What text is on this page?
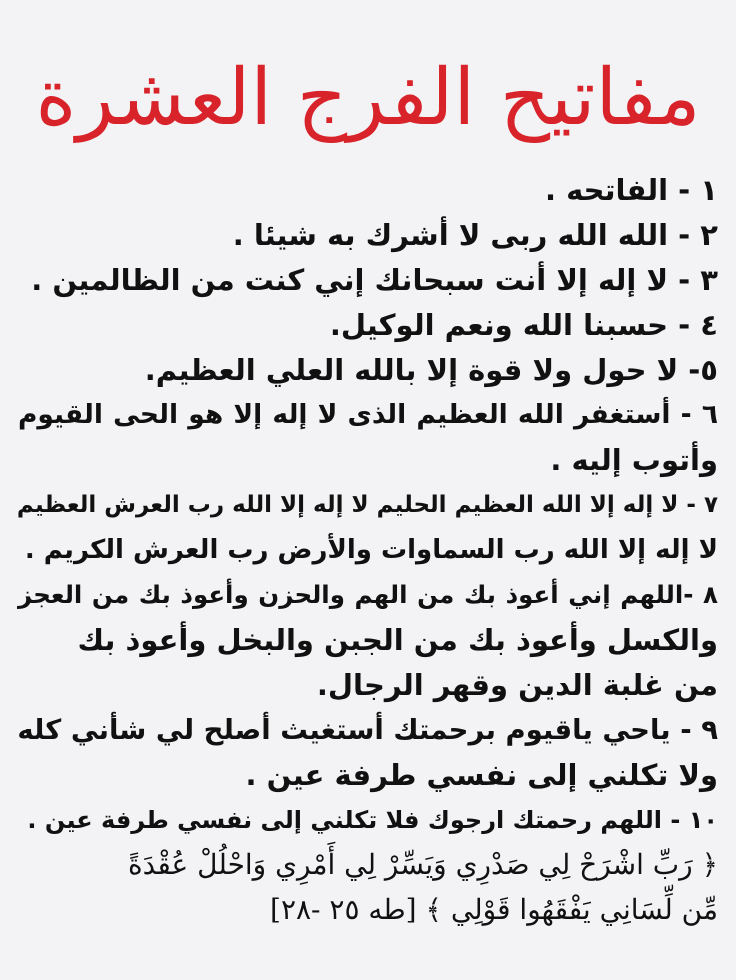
مفاتيح الفرج العشرة
١ - الفاتحه .
٢ - الله الله ربى لا أشرك به شيئا .
٣ - لا إله إلا أنت سبحانك إني كنت من الظالمين .
٤ - حسبنا الله ونعم الوكيل.
٥- لا حول ولا قوة إلا بالله العلي العظيم.
٦ - أستغفر الله العظيم الذى لا إله إلا هو الحى القيوم
وأتوب إليه .
٧ - لا إله إلا الله العظيم الحليم لا إله إلا الله رب العرش العظيم
لا إله إلا الله رب السماوات والأرض رب العرش الكريم .
٨ -اللهم إني أعوذ بك من الهم والحزن وأعوذ بك من العجز
والكسل وأعوذ بك من الجبن والبخل وأعوذ بك
من غلبة الدين وقهر الرجال.
٩ - ياحي ياقيوم برحمتك أستغيث أصلح لي شأني كله
ولا تكلني إلى نفسي طرفة عين .
١٠ - اللهم رحمتك ارجوك فلا تكلني إلى نفسي طرفة عين .
﴿ رَبِّ اشْرَحْ لِي صَدْرِي وَيَسِّرْ لِي أَمْرِي وَاحْلُلْ عُقْدَةً
مِّن لِّسَانِي يَفْقَهُوا قَوْلِي ﴾ [طه ٢٥ -٢٨]
